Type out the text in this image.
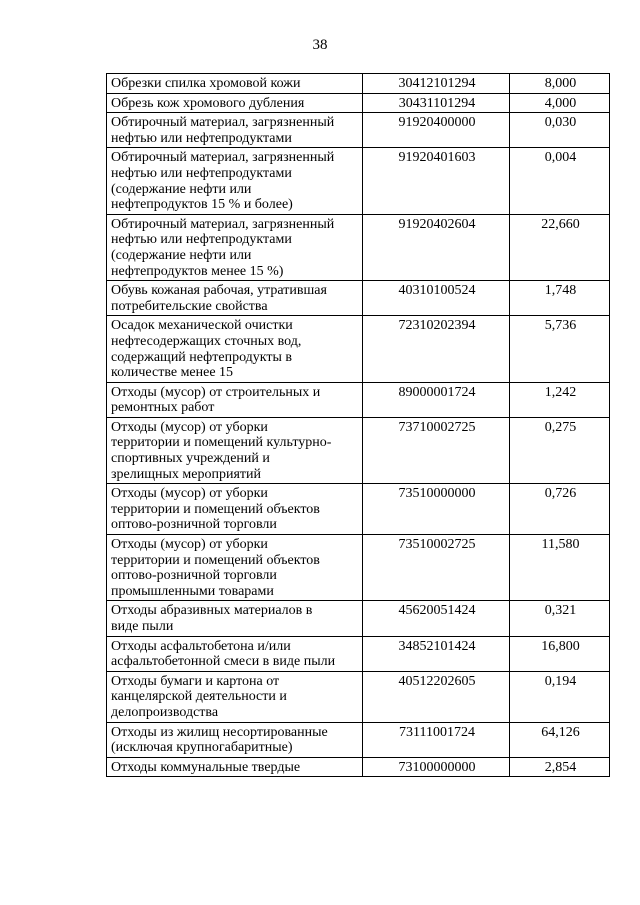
38
Обрезки спилка хромовой кожи	30412101294	8,000

Обрезь кож хромового дубления	30431101294	4,000

Обтирочный материал, загрязненный
нефтью или нефтепродуктами	91920400000	0,030

Обтирочный материал, загрязненный
нефтью или нефтепродуктами
(содержание нефти или
нефтепродуктов 15 % и более)	91920401603	0,004

Обтирочный материал, загрязненный
нефтью или нефтепродуктами
(содержание нефти или
нефтепродуктов менее 15 %)	91920402604	22,660

Обувь кожаная рабочая, утратившая
потребительские свойства	40310100524	1,748

Осадок механической очистки
нефтесодержащих сточных вод,
содержащий нефтепродукты в
количестве менее 15	72310202394	5,736

Отходы (мусор) от строительных и
ремонтных работ	89000001724	1,242

Отходы (мусор) от уборки
территории и помещений культурно-
спортивных учреждений и
зрелищных мероприятий	73710002725	0,275

Отходы (мусор) от уборки
территории и помещений объектов
оптово-розничной торговли	73510000000	0,726

Отходы (мусор) от уборки
территории и помещений объектов
оптово-розничной торговли
промышленными товарами	73510002725	11,580

Отходы абразивных материалов в
виде пыли	45620051424	0,321

Отходы асфальтобетона и/или
асфальтобетонной смеси в виде пыли	34852101424	16,800

Отходы бумаги и картона от
канцелярской деятельности и
делопроизводства	40512202605	0,194

Отходы из жилищ несортированные
(исключая крупногабаритные)	73111001724	64,126

Отходы коммунальные твердые	73100000000	2,854
